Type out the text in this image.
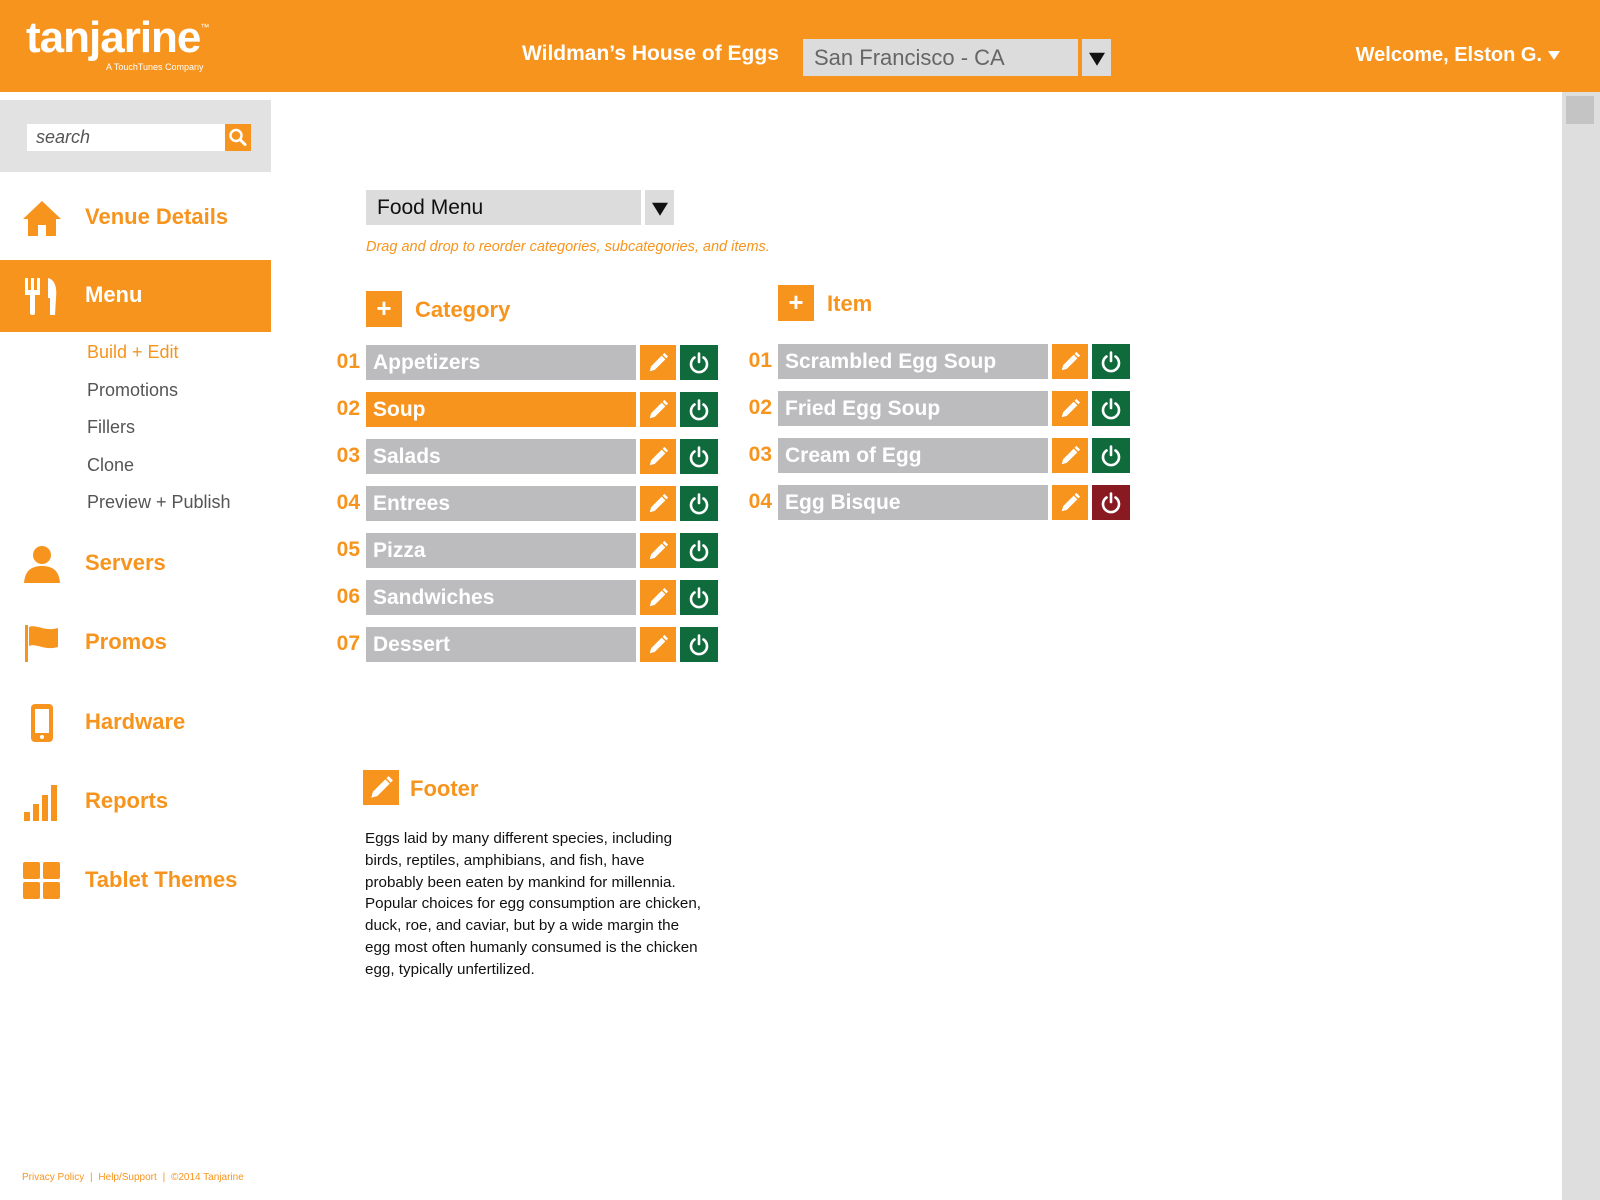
tanjarine™
A TouchTunes Company
Wildman’s House of Eggs	San Francisco - CA	Welcome, Elston G.
search
Venue Details
Menu
Build + Edit
Promotions
Fillers
Clone
Preview + Publish
Servers
Promos
Hardware
Reports
Tablet Themes
Privacy Policy | Help/Support | ©2014 Tanjarine
Food Menu
Drag and drop to reorder categories, subcategories, and items.
+	Category
01 Appetizers
02 Soup
03 Salads
04 Entrees
05 Pizza
06 Sandwiches
07 Dessert
+	Item
01 Scrambled Egg Soup
02 Fried Egg Soup
03 Cream of Egg
04 Egg Bisque
Footer
Eggs laid by many different species, including birds, reptiles, amphibians, and fish, have probably been eaten by mankind for millennia. Popular choices for egg consumption are chicken, duck, roe, and caviar, but by a wide margin the egg most often humanly consumed is the chicken egg, typically unfertilized.
